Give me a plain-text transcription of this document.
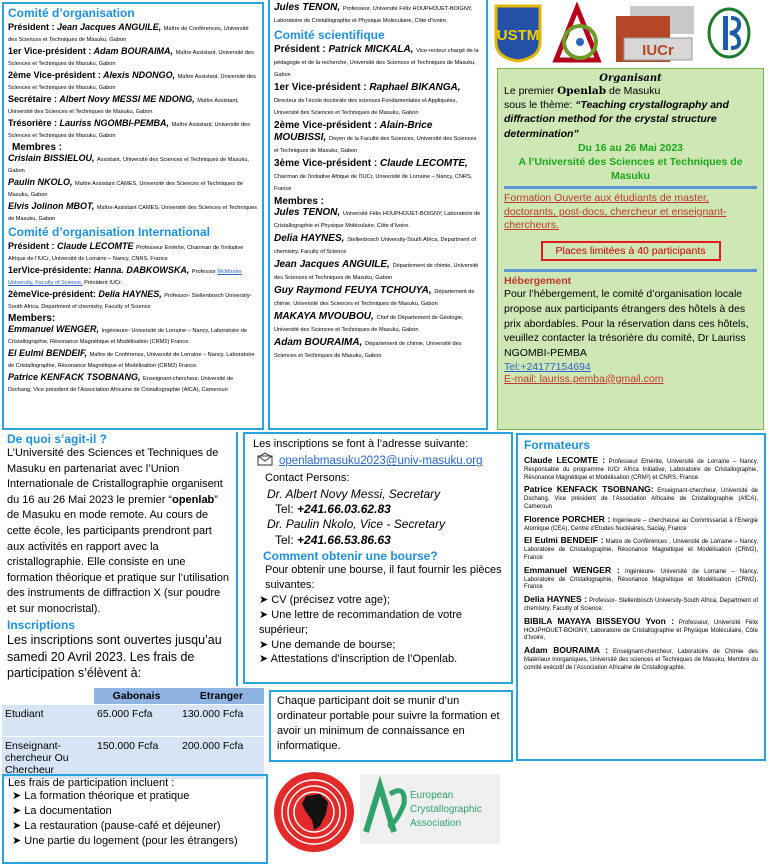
Comité d’organisation

Président : Jean Jacques ANGUILE, Maître de Conférences, Université des Sciences et Techniques de Masuku, Gabon

1er Vice-président : Adam BOURAIMA, Maître Assistant, Université des Sciences et Techniques de Masuku, Gabon

2ème Vice-président : Alexis NDONGO, Maître Assistant, Université des Sciences et Techniques de Masuku, Gabon

Secrétaire : Albert Novy MESSI ME NDONG, Maître Assistant, Université des Sciences et Techniques de Masuku, Gabon

Trésorière : Lauriss NGOMBI-PEMBA, Maître Assistant, Université des Sciences et Techniques de Masuku, Gabon

Membres :

Crislain BISSIELOU, Assistant, Université des Sciences et Techniques de Masuku, Gabon

Paulin NKOLO, Maître Assistant CAMES, Université des Sciences et Techniques de Masuku, Gabon

Elvis Jolinon MBOT, Maître Assistant CAMES, Université des Sciences et Techniques de Masuku, Gabon

Comité d’organisation International

Président : Claude LECOMTE Professeur Emérite, Chairman de l’initiative Afrique de l’IUCr, Université de Lorraine – Nancy, CNRS, France

1erVice-présidente: Hanna. DABKOWSKA, Professor McMaster University, Faculty of Science, Président IUCr.

2èmeVice-président: Delia HAYNES, Professor- Stellenbosch University-South Africa, Department of chemistry, Faculty of Science

Members:

Emmanuel WENGER, Ingénieure- Université de Lorraine – Nancy, Laboratoire de Cristallographie, Résonance Magnétique et Modélisation (CRM2) France.

El Eulmi BENDEIF, Maître de Conférence, Université de Lorraine – Nancy, Laboratoire de Cristallographie, Résonance Magnétique et Modélisation (CRM2) France.

Patrice KENFACK TSOBNANG, Enseignant-chercheur, Université de Dschang, Vice président de l’Association Africaine de Cristallographie (AfCA), Cameroun

Jules TENON, Professeur, Université Félix HOUPHOUET-BOIGNY, Laboratoire de Cristallographie et Physique Moléculaire, Côte d’Ivoire.

Comité scientifique

Président : Patrick MICKALA, Vice-recteur chargé de la pédagogie et de la recherche, Université des Sciences et Techniques de Masuku, Gabon

1er Vice-président : Raphael BIKANGA, Directeur de l’école doctorale des sciences Fondamentales et Appliquées, Université des Sciences et Techniques de Masuku, Gabon

2ème Vice-président : Alain-Brice MOUBISSI, Doyen de la Faculté des Sciences, Université des Sciences et Techniques de Masuku, Gabon

3ème Vice-président : Claude LECOMTE, Chairman de l’initiative Afrique de l’IUCr, Université de Lorraine – Nancy, CNRS, France

Membres :

Jules TENON, Université Félix HOUPHOUET-BOIGNY, Laboratoire de Cristallographie et Physique Moléculaire, Côte d’Ivoire.

Delia HAYNES, Stellenbosch University-South Africa, Department of chemistry, Faculty of Science

Jean Jacques ANGUILE, Département de chimie, Université des Sciences et Techniques de Masuku, Gabon

Guy Raymond FEUYA TCHOUYA, Département de chimie, Université des Sciences et Techniques de Masuku, Gabon

MAKAYA MVOUBOU, Chef de Département de Géologie, Université des Sciences et Techniques de Masuku, Gabon

Adam BOURAIMA, Département de chimie, Université des Sciences et Techniques de Masuku, Gabon

USTM
IUCr
Organisant
Le premier Openlab de Masuku
sous le thème: “Teaching crystallography and diffraction method for the crystal structure determination”
Du 16 au 26 Mai 2023
A l’Université des Sciences et Techniques de Masuku
Formation Ouverte aux étudiants de master, doctorants, post-docs, chercheur et enseignant-chercheurs.
Places limitées à 40 participants
Hébergement
Pour l’hébergement, le comité d’organisation locale propose aux participants étrangers des hôtels à des prix abordables. Pour la réservation dans ces hôtels, veuillez contacter la trésorière du comité, Dr Lauriss NGOMBI-PEMBA
Tel:+24177154694
E-mail: lauriss.pemba@gmail.com
De quoi s’agit-il ?
L’Université des Sciences et Techniques de Masuku en partenariat avec l’Union Internationale de Cristallographie organisent du 16 au 26 Mai 2023 le premier “openlab” de Masuku en mode remote. Au cours de cette école, les participants prendront part aux activités en rapport avec la cristallographie. Elle consiste en une formation théorique et pratique sur l’utilisation des instruments de diffraction X (sur poudre et sur monocristal).
Inscriptions
Les inscriptions sont ouvertes jusqu’au samedi 20 Avril 2023. Les frais de participation s’élèvent à:
Les inscriptions se font à l’adresse suivante:
openlabmasuku2023@univ-masuku.org
Contact Persons:
Dr. Albert Novy Messi, Secretary
Tel: +241.66.03.62.83
Dr. Paulin Nkolo, Vice - Secretary
Tel: +241.66.53.86.63
Comment obtenir une bourse?
Pour obtenir une bourse, il faut fournir les pièces suivantes:
➤ CV (précisez votre age);
➤ Une lettre de recommandation de votre supérieur;
➤ Une demande de bourse;
➤ Attestations d’inscription de l’Openlab.
Formateurs

Claude LECOMTE : Professeur Emérite, Université de Lorraine – Nancy, Responsable du programme IUCr Africa Initiative, Laboratoire de Cristallographie, Résonance Magnétique et Modélisation (CRM²) et CNRS, France

Patrice KENFACK TSOBNANG: Enseignant-chercheur, Université de Dschang, Vice président de l’Association Africaine de Cristallographie (AfCA), Cameroun

Florence PORCHER : Ingénieure – chercheuse au Commissariat à l’Energie Atomique (CEA), Centre d’Etudes Nucléaires, Saclay, France

El Eulmi BENDEIF : Maitre de Conférences , Université de Lorraine – Nancy, Laboratoire de Cristallographie, Résonance Magnétique et Modélisation (CRM2), France

Emmanuel WENGER : Ingénieure- Université de Lorraine – Nancy, Laboratoire de Cristallographie, Résonance Magnétique et Modélisation (CRM2), France

Delia HAYNES : Professor- Stellenbosch University-South Africa, Department of chemistry, Faculty of Science:

BIBILA MAYAYA BISSEYOU Yvon : Professeur, Université Félix HOUPHOUET-BOIGNY, Laboratoire de Cristallographie et Physique Moléculaire, Côte d’Ivoire,

Adam BOURAIMA : Enseignant-chercheur, Laboratoire de Chimie des Matériaux inorganiques, Université des sciences et Techniques de Masuku, Membre du comité exécutif de l’Association Africaine de Cristallographie.

	Gabonais	Etranger
Etudiant	65.000 Fcfa	130.000 Fcfa
Enseignant-chercheur Ou Chercheur	150.000 Fcfa	200.000 Fcfa
Chaque participant doit se munir d’un ordinateur portable pour suivre la formation et avoir un minimum de connaissance en informatique.
Les frais de participation incluent :
➤ La formation théorique et pratique
➤ La documentation
➤ La restauration (pause-café et déjeuner)
➤ Une partie du logement (pour les étrangers)
European
Crystallographic
Association
